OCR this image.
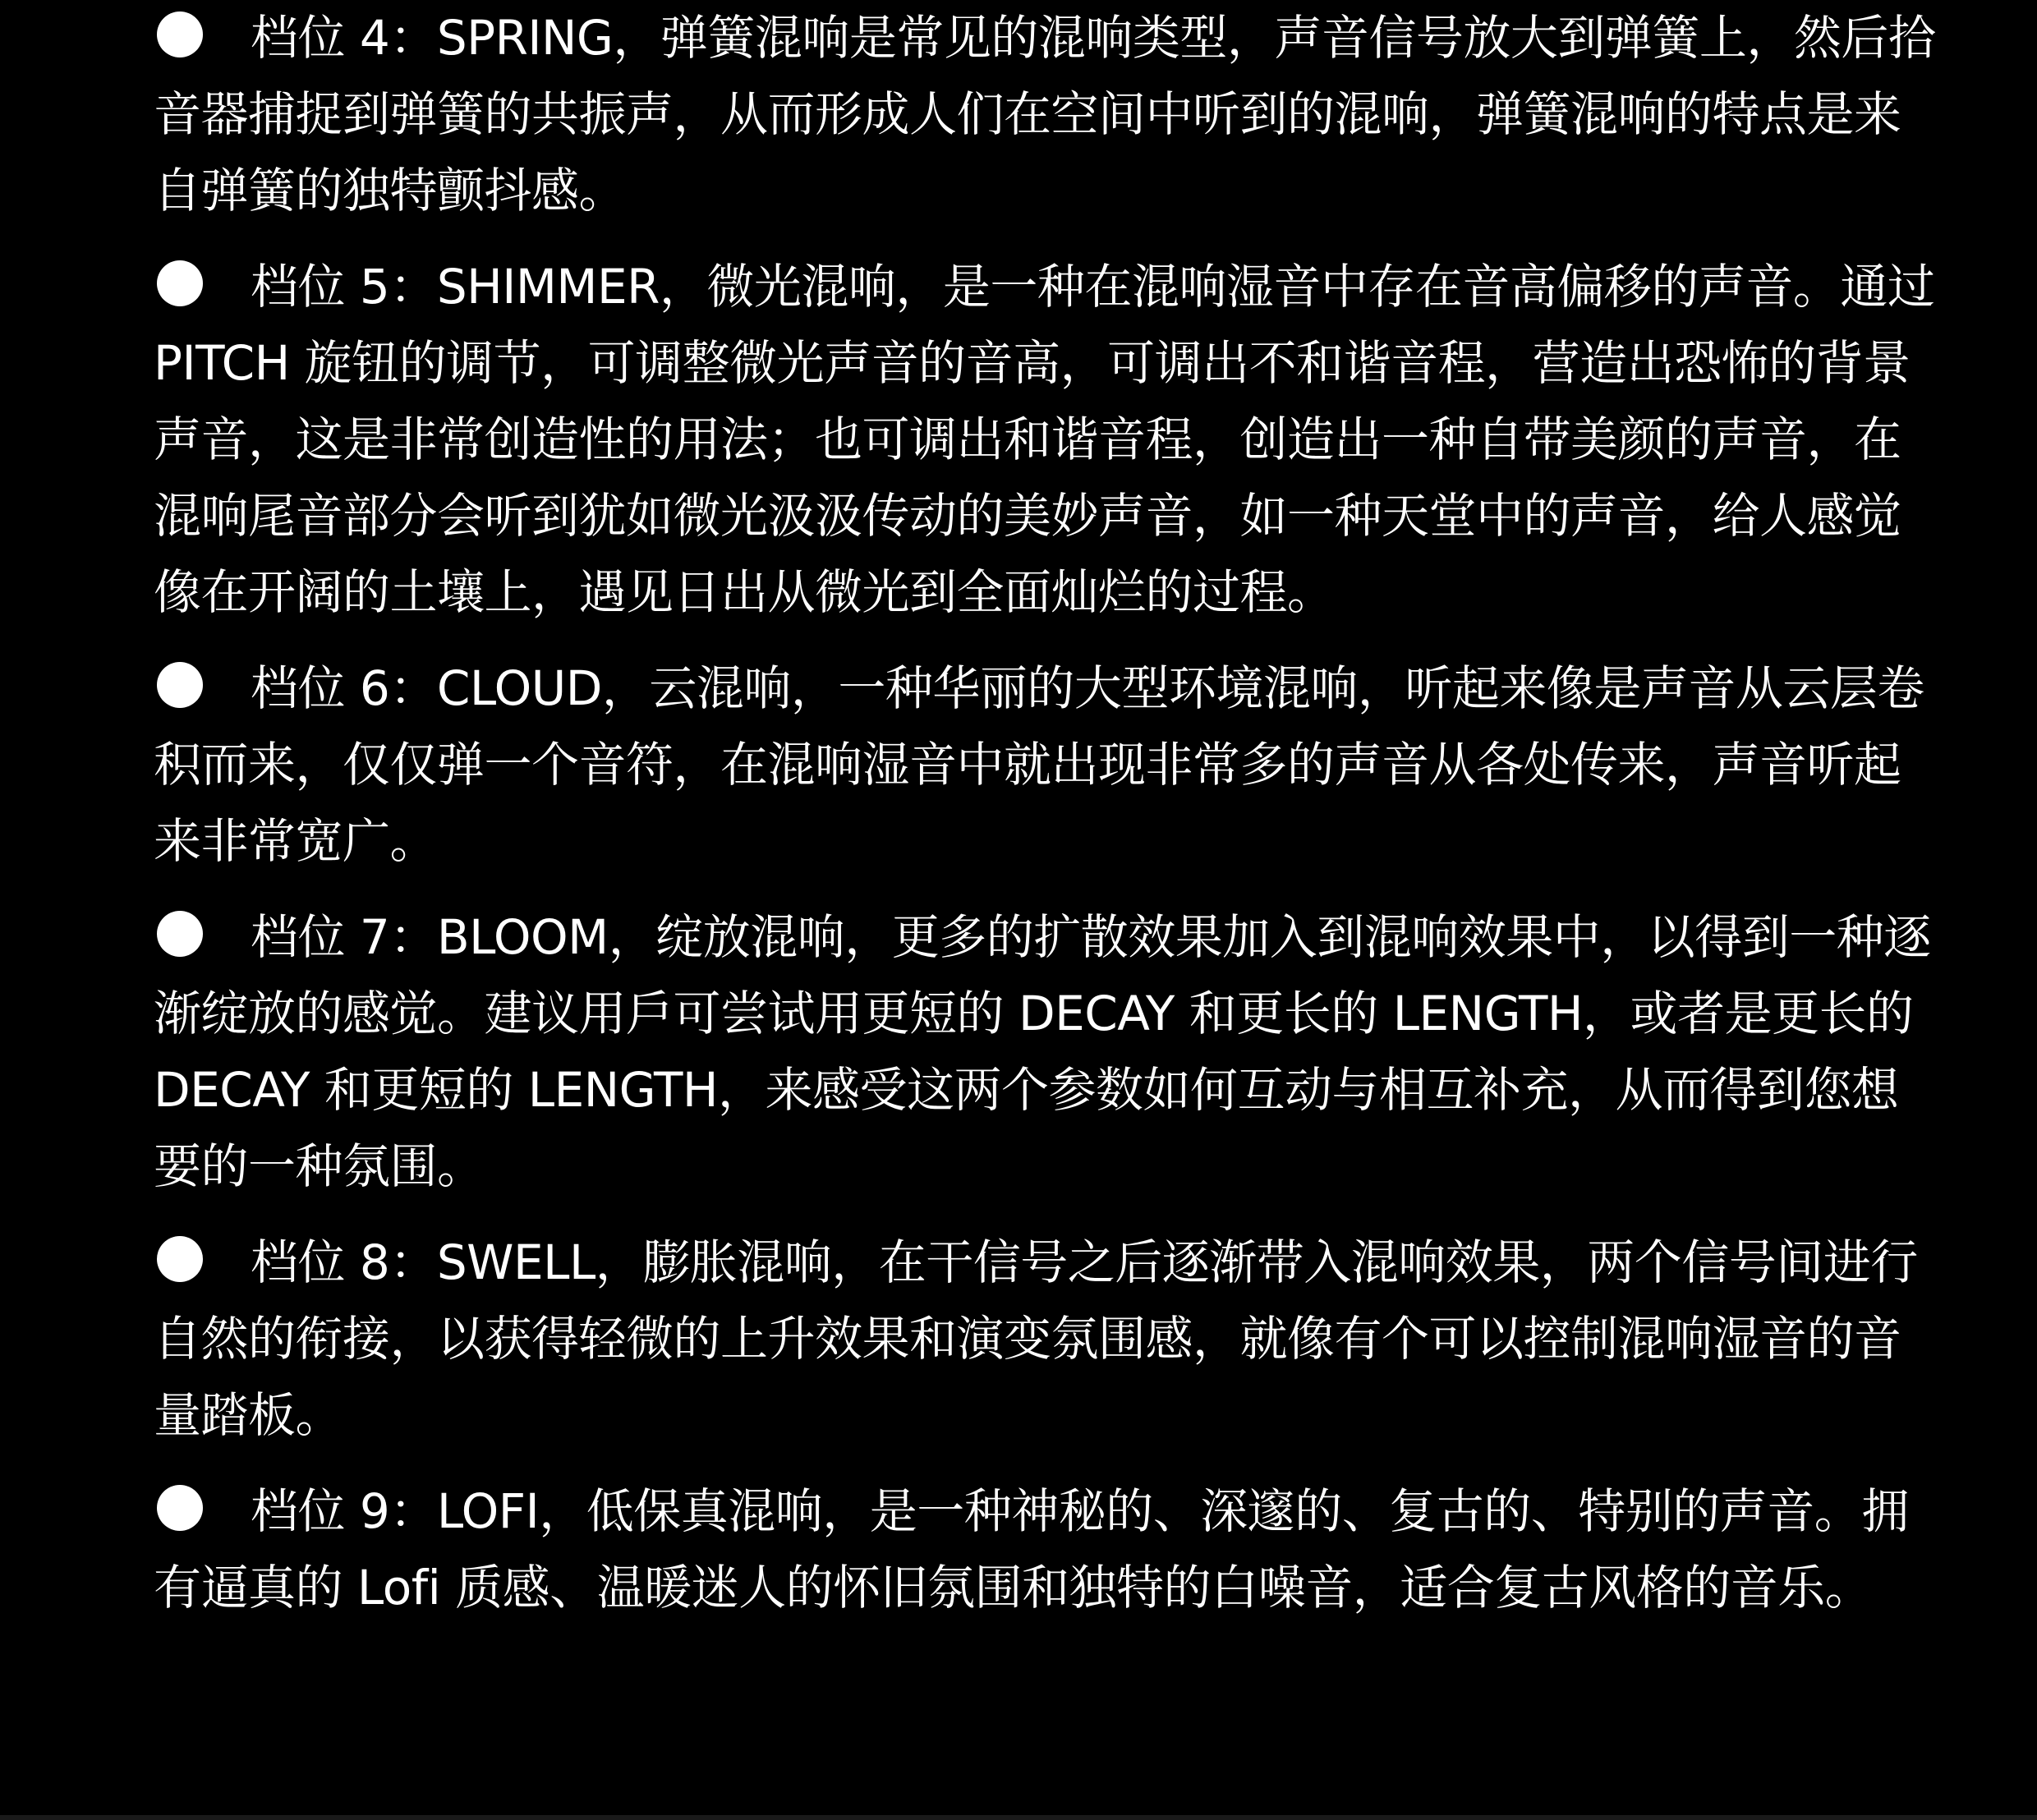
档位 4：SPRING，弹簧混响是常见的混响类型，声音信号放大到弹簧上，然后拾音器捕捉到弹簧的共振声，从而形成人们在空间中听到的混响，弹簧混响的特点是来自弹簧的独特颤抖感。

档位 5：SHIMMER，微光混响，是一种在混响湿音中存在音高偏移的声音。通过 PITCH 旋钮的调节，可调整微光声音的音高，可调出不和谐音程，营造出恐怖的背景声音，这是非常创造性的用法；也可调出和谐音程，创造出一种自带美颜的声音，在混响尾音部分会听到犹如微光汲汲传动的美妙声音，如一种天堂中的声音，给人感觉像在开阔的土壤上，遇见日出从微光到全面灿烂的过程。

档位 6：CLOUD，云混响，一种华丽的大型环境混响，听起来像是声音从云层卷积而来，仅仅弹一个音符，在混响湿音中就出现非常多的声音从各处传来，声音听起来非常宽广。

档位 7：BLOOM，绽放混响，更多的扩散效果加入到混响效果中，以得到一种逐渐绽放的感觉。建议用戶可尝试用更短的 DECAY 和更长的 LENGTH，或者是更长的 DECAY 和更短的 LENGTH，来感受这两个参数如何互动与相互补充，从而得到您想要的一种氛围。

档位 8：SWELL，膨胀混响，在干信号之后逐渐带入混响效果，两个信号间进行自然的衔接，以获得轻微的上升效果和演变氛围感，就像有个可以控制混响湿音的音量踏板。

档位 9：LOFI，低保真混响，是一种神秘的、深邃的、复古的、特别的声音。拥有逼真的 Lofi 质感、温暖迷人的怀旧氛围和独特的白噪音，适合复古风格的音乐。
